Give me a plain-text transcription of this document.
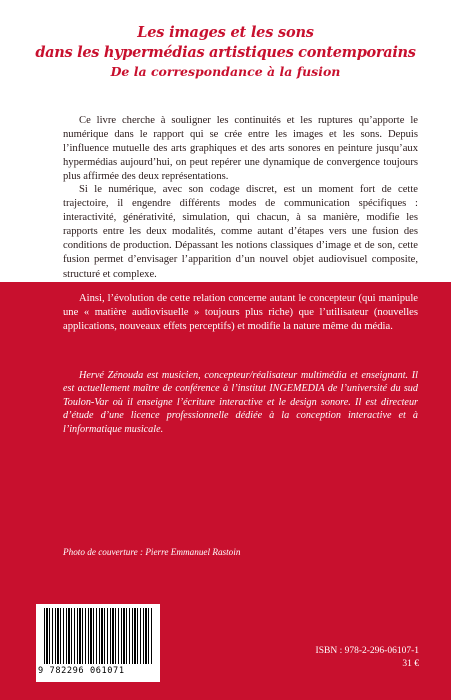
Les images et les sons
dans les hypermédias artistiques contemporains
De la correspondance à la fusion

Ce livre cherche à souligner les continuités et les ruptures qu’apporte le numérique dans le rapport qui se crée entre les images et les sons. Depuis l’influence mutuelle des arts graphiques et des arts sonores en peinture jusqu’aux hypermédias aujourd’hui, on peut repérer une dynamique de convergence toujours plus affirmée des deux représentations.

Si le numérique, avec son codage discret, est un moment fort de cette trajectoire, il engendre différents modes de communication spécifiques : interactivité, générativité, simulation, qui chacun, à sa manière, modifie les rapports entre les deux modalités, comme autant d’étapes vers une fusion des conditions de production. Dépassant les notions classiques d’image et de son, cette fusion permet d’envisager l’apparition d’un nouvel objet audiovisuel composite, structuré et complexe.

Ainsi, l’évolution de cette relation concerne autant le concepteur (qui manipule une « matière audiovisuelle » toujours plus riche) que l’utilisateur (nouvelles applications, nouveaux effets perceptifs) et modifie la nature même du média.

Hervé Zénouda est musicien, concepteur/réalisateur multimédia et enseignant. Il est actuellement maître de conférence à l’institut INGEMEDIA de l’université du sud Toulon-Var où il enseigne l’écriture interactive et le design sonore. Il est directeur d’étude d’une licence professionnelle dédiée à la conception interactive et à l’informatique musicale.

Photo de couverture : Pierre Emmanuel Rastoin
9 782296 061071
ISBN : 978-2-296-06107-1
31 €
